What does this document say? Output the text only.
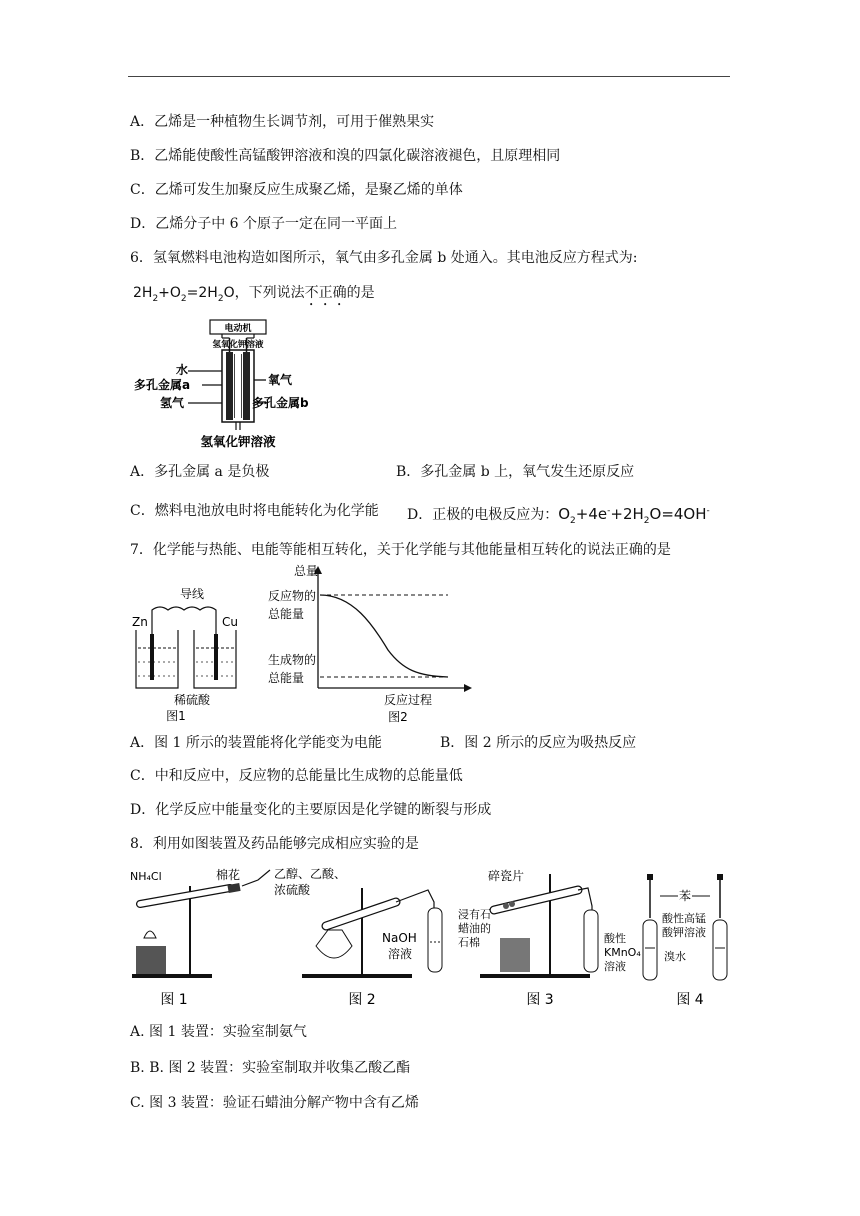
A．乙烯是一种植物生长调节剂，可用于催熟果实
B．乙烯能使酸性高锰酸钾溶液和溴的四氯化碳溶液褪色，且原理相同
C．乙烯可发生加聚反应生成聚乙烯，是聚乙烯的单体
D．乙烯分子中 6 个原子一定在同一平面上
6．氢氧燃料电池构造如图所示，氧气由多孔金属 b 处通入。其电池反应方程式为:
$2H_2+O_2=2H_2O$，下列说法不正确的是
电动机
氢氧化钾溶液
水
多孔金属a
氢气
氧气
多孔金属b
氢氧化钾溶液
A．多孔金属 a 是负极	B．多孔金属 b 上，氧气发生还原反应
C．燃料电池放电时将电能转化为化学能 D．正极的电极反应为：$O_2+4e^-+2H_2O=4OH^-$
7．化学能与热能、电能等能相互转化，关于化学能与其他能量相互转化的说法正确的是
导线
Zn	Cu
稀硫酸
图1
总量
反应物的
总能量
生成物的
总能量
反应过程
图2
A．图 1 所示的装置能将化学能变为电能	B．图 2 所示的反应为吸热反应
C．中和反应中，反应物的总能量比生成物的总能量低
D．化学反应中能量变化的主要原因是化学键的断裂与形成
8．利用如图装置及药品能够完成相应实验的是
NH₄Cl	棉花
图 1
乙醇、乙酸、
浓硫酸
NaOH
溶液
图 2
碎瓷片
浸有石
蜡油的
石棉	酸性
KMnO₄
溶液
图 3
苯
酸性高锰
酸钾溶液
溴水
图 4
A. 图 1 装置：实验室制氨气
B. B. 图 2 装置：实验室制取并收集乙酸乙酯
C. 图 3 装置：验证石蜡油分解产物中含有乙烯
